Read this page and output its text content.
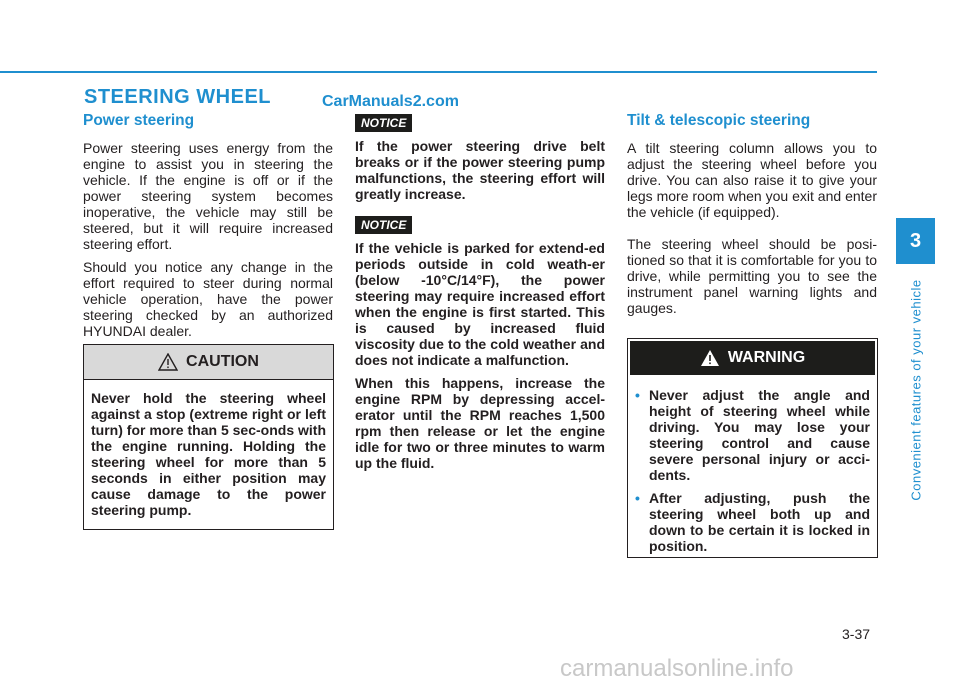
STEERING WHEEL	CarManuals2.com
Power steering

Power steering uses energy from the engine to assist you in steering the vehicle. If the engine is off or if the power steering system becomes inoperative, the vehicle may still be steered, but it will require increased steering effort.

Should you notice any change in the effort required to steer during normal vehicle operation, have the power steering checked by an authorized HYUNDAI dealer.

CAUTION

Never hold the steering wheel against a stop (extreme right or left turn) for more than 5 sec-onds with the engine running. Holding the steering wheel for more than 5 seconds in either position may cause damage to the power steering pump.

NOTICE

If the power steering drive belt breaks or if the power steering pump malfunctions, the steering effort will greatly increase.

NOTICE

If the vehicle is parked for extend-ed periods outside in cold weath-er (below -10°C/14°F), the power steering may require increased effort when the engine is first started. This is caused by increased fluid viscosity due to the cold weather and does not indicate a malfunction.

When this happens, increase the engine RPM by depressing accel-erator until the RPM reaches 1,500 rpm then release or let the engine idle for two or three minutes to warm up the fluid.

Tilt & telescopic steering

A tilt steering column allows you to adjust the steering wheel before you drive. You can also raise it to give your legs more room when you exit and enter the vehicle (if equipped).

The steering wheel should be posi-tioned so that it is comfortable for you to drive, while permitting you to see the instrument panel warning lights and gauges.

WARNING
• Never adjust the angle and height of steering wheel while driving. You may lose your steering control and cause severe personal injury or acci-dents.
• After adjusting, push the steering wheel both up and down to be certain it is locked in position.
3
Convenient features of your vehicle
3-37
carmanualsonline.info
